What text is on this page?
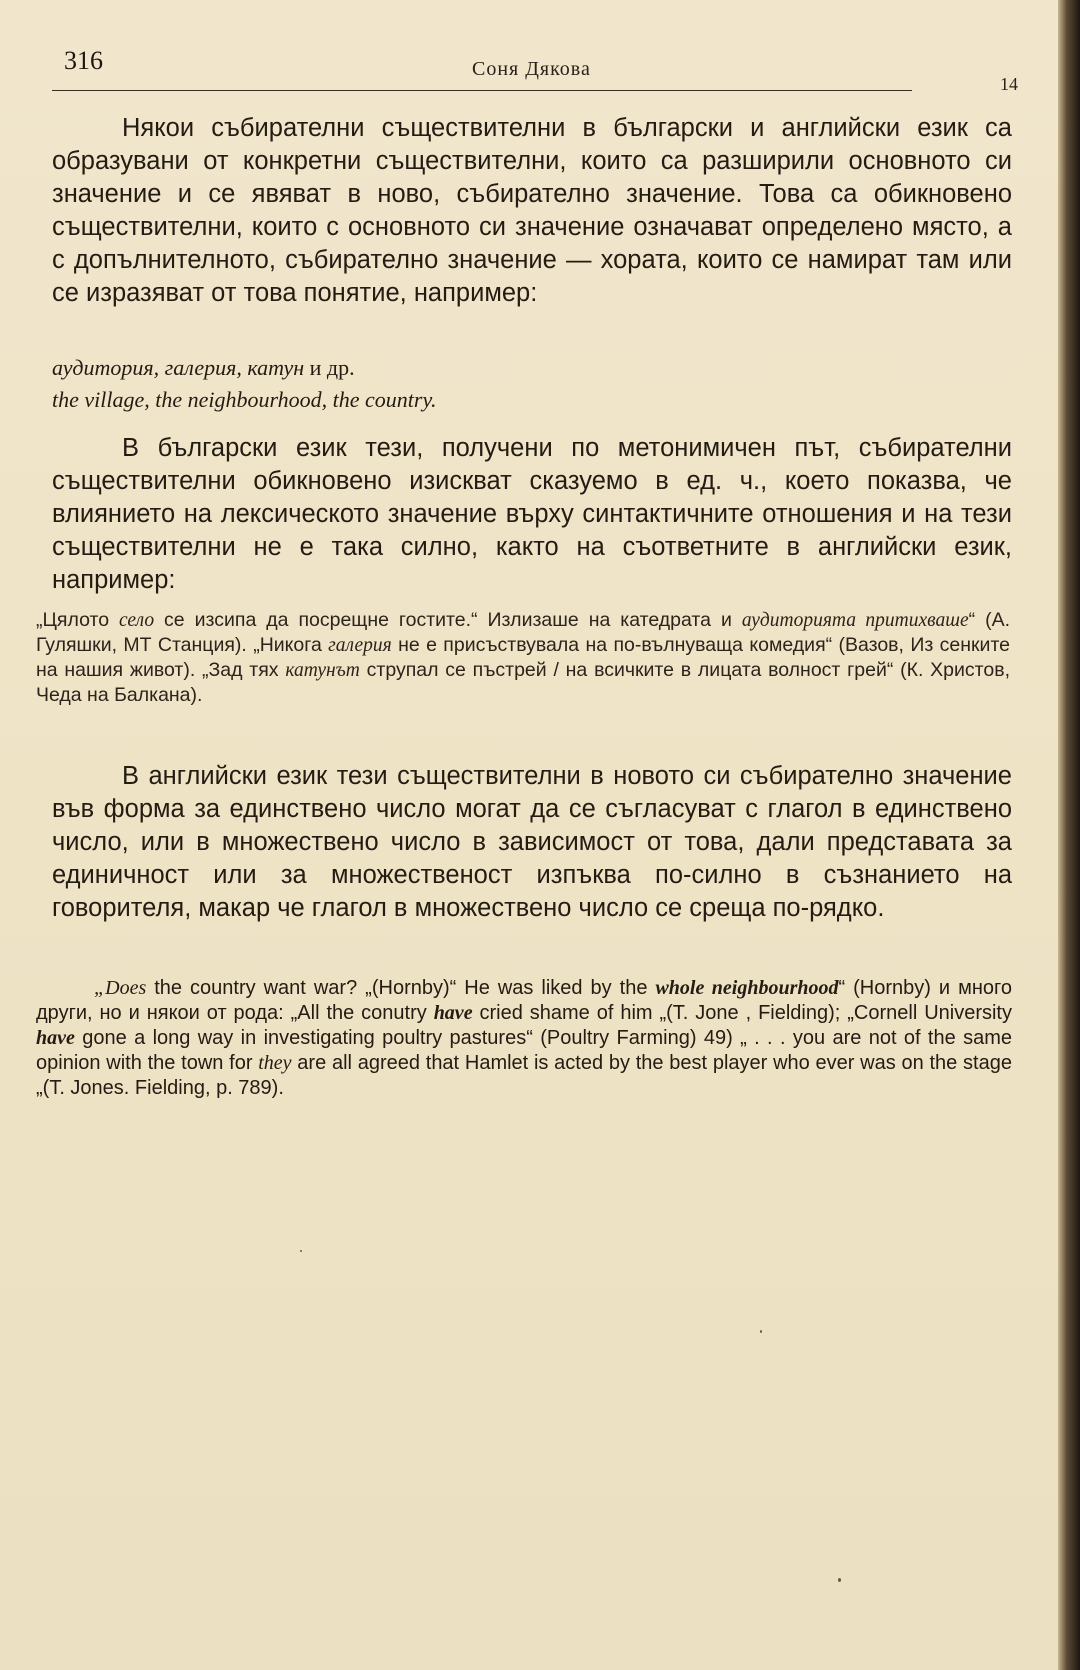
316	Соня Дякова
14

Някои събирателни съществителни в български и английски език са образувани от конкретни съществителни, които са разширили основното си значение и се явяват в ново, събирателно значение. Това са обикновено съществителни, които с основното си значение означават определено място, а с допълнителното, събирателно значение — хората, които се намират там или се изразяват от това понятие, например:

аудитория, галерия, катун и др.
the village, the neighbourhood, the country.

В български език тези, получени по метонимичен път, събирателни съществителни обикновено изискват сказуемо в ед. ч., което показва, че влиянието на лексическото значение върху синтактичните отношения и на тези съществителни не е така силно, както на съответните в английски език, например:

„Цялото село се изсипа да посрещне гостите.“ Излизаше на катедрата и аудиторията притихваше“ (А. Гуляшки, МТ Станция). „Никога галерия не е присъствувала на по-вълнуваща комедия“ (Вазов, Из сенките на нашия живот). „Зад тях катунът струпал се пъстрей / на всичките в лицата волност грей“ (К. Христов, Чеда на Балкана).

В английски език тези съществителни в новото си събирателно значение във форма за единствено число могат да се съгласуват с глагол в единствено число, или в множествено число в зависимост от това, дали представата за единичност или за множественост изпъква по-силно в съзнанието на говорителя, макар че глагол в множествено число се среща по-рядко.

„Does the country want war? „(Hornby)“ He was liked by the whole neighbourhood“ (Hornby) и много други, но и някои от рода: „All the conutry have cried shame of him „(T. Jone , Fielding); „Cornell University have gone a long way in investigating poultry pastures“ (Poultry Farming) 49) „ . . . you are not of the same opinion with the town for they are all agreed that Hamlet is acted by the best player who ever was on the stage „(T. Jones. Fielding, p. 789).
